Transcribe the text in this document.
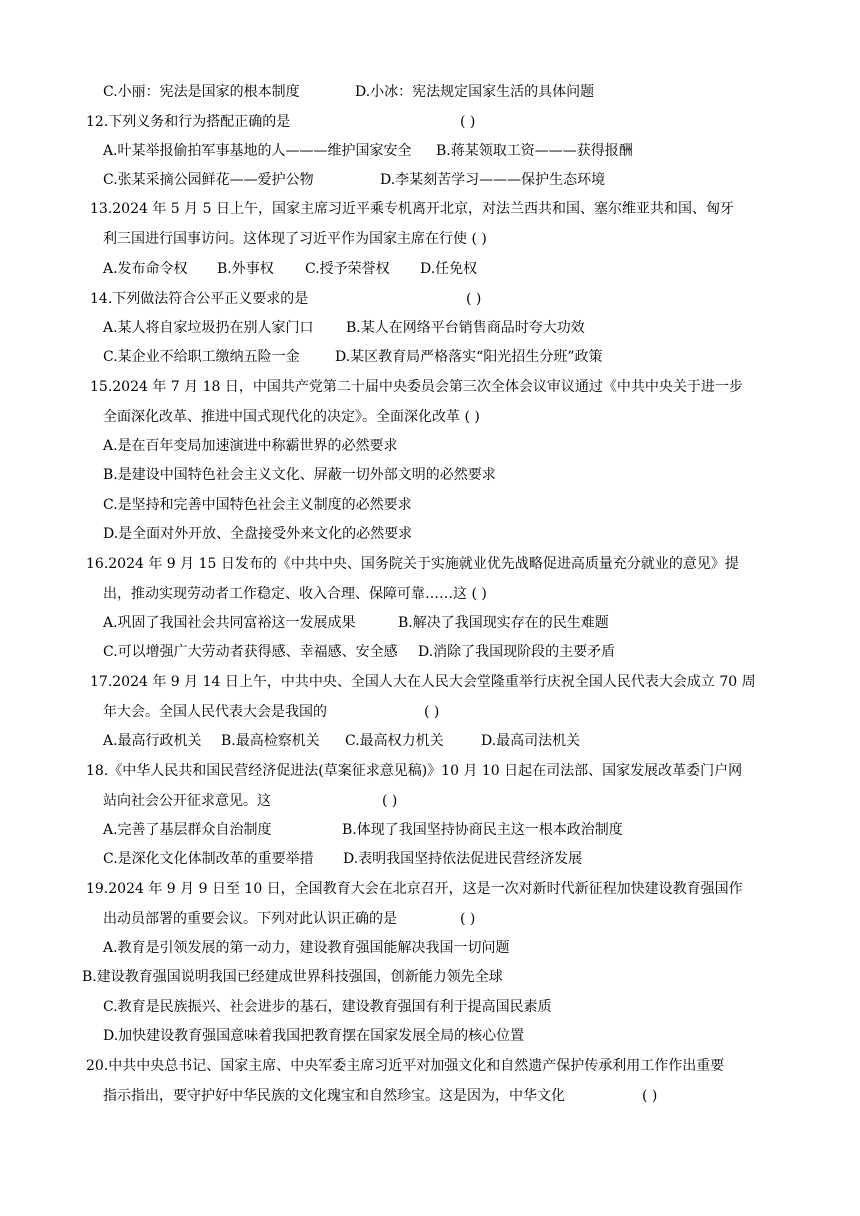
C.小丽：宪法是国家的根本制度	D.小冰：宪法规定国家生活的具体问题
12.下列义务和行为搭配正确的是	( )
A.叶某举报偷拍军事基地的人———维护国家安全 B.蒋某领取工资———获得报酬
C.张某采摘公园鲜花——爱护公物	D.李某刻苦学习———保护生态环境
13.2024 年 5 月 5 日上午，国家主席习近平乘专机离开北京，对法兰西共和国、塞尔维亚共和国、匈牙
利三国进行国事访问。这体现了习近平作为国家主席在行使 ( )
A.发布命令权 B.外事权 C.授予荣誉权 D.任免权
14.下列做法符合公平正义要求的是	( )
A.某人将自家垃圾扔在别人家门口 B.某人在网络平台销售商品时夸大功效
C.某企业不给职工缴纳五险一金	D.某区教育局严格落实“阳光招生分班”政策
15.2024 年 7 月 18 日，中国共产党第二十届中央委员会第三次全体会议审议通过《中共中央关于进一步
全面深化改革、推进中国式现代化的决定》。全面深化改革 ( )
A.是在百年变局加速演进中称霸世界的必然要求
B.是建设中国特色社会主义文化、屏蔽一切外部文明的必然要求
C.是坚持和完善中国特色社会主义制度的必然要求
D.是全面对外开放、全盘接受外来文化的必然要求
16.2024 年 9 月 15 日发布的《中共中央、国务院关于实施就业优先战略促进高质量充分就业的意见》提
出，推动实现劳动者工作稳定、收入合理、保障可靠……这 ( )
A.巩固了我国社会共同富裕这一发展成果	B.解决了我国现实存在的民生难题
C.可以增强广大劳动者获得感、幸福感、安全感 D.消除了我国现阶段的主要矛盾
17.2024 年 9 月 14 日上午，中共中央、全国人大在人民大会堂隆重举行庆祝全国人民代表大会成立 70 周
年大会。全国人民代表大会是我国的	( )
A.最高行政机关 B.最高检察机关 C.最高权力机关	D.最高司法机关
18.《中华人民共和国民营经济促进法(草案征求意见稿)》10 月 10 日起在司法部、国家发展改革委门户网
站向社会公开征求意见。这	( )
A.完善了基层群众自治制度	B.体现了我国坚持协商民主这一根本政治制度
C.是深化文化体制改革的重要举措 D.表明我国坚持依法促进民营经济发展
19.2024 年 9 月 9 日至 10 日，全国教育大会在北京召开，这是一次对新时代新征程加快建设教育强国作
出动员部署的重要会议。下列对此认识正确的是	( )
A.教育是引领发展的第一动力，建设教育强国能解决我国一切问题
B.建设教育强国说明我国已经建成世界科技强国，创新能力领先全球
C.教育是民族振兴、社会进步的基石，建设教育强国有利于提高国民素质
D.加快建设教育强国意味着我国把教育摆在国家发展全局的核心位置
20.中共中央总书记、国家主席、中央军委主席习近平对加强文化和自然遗产保护传承利用工作作出重要
指示指出，要守护好中华民族的文化瑰宝和自然珍宝。这是因为，中华文化	( )
